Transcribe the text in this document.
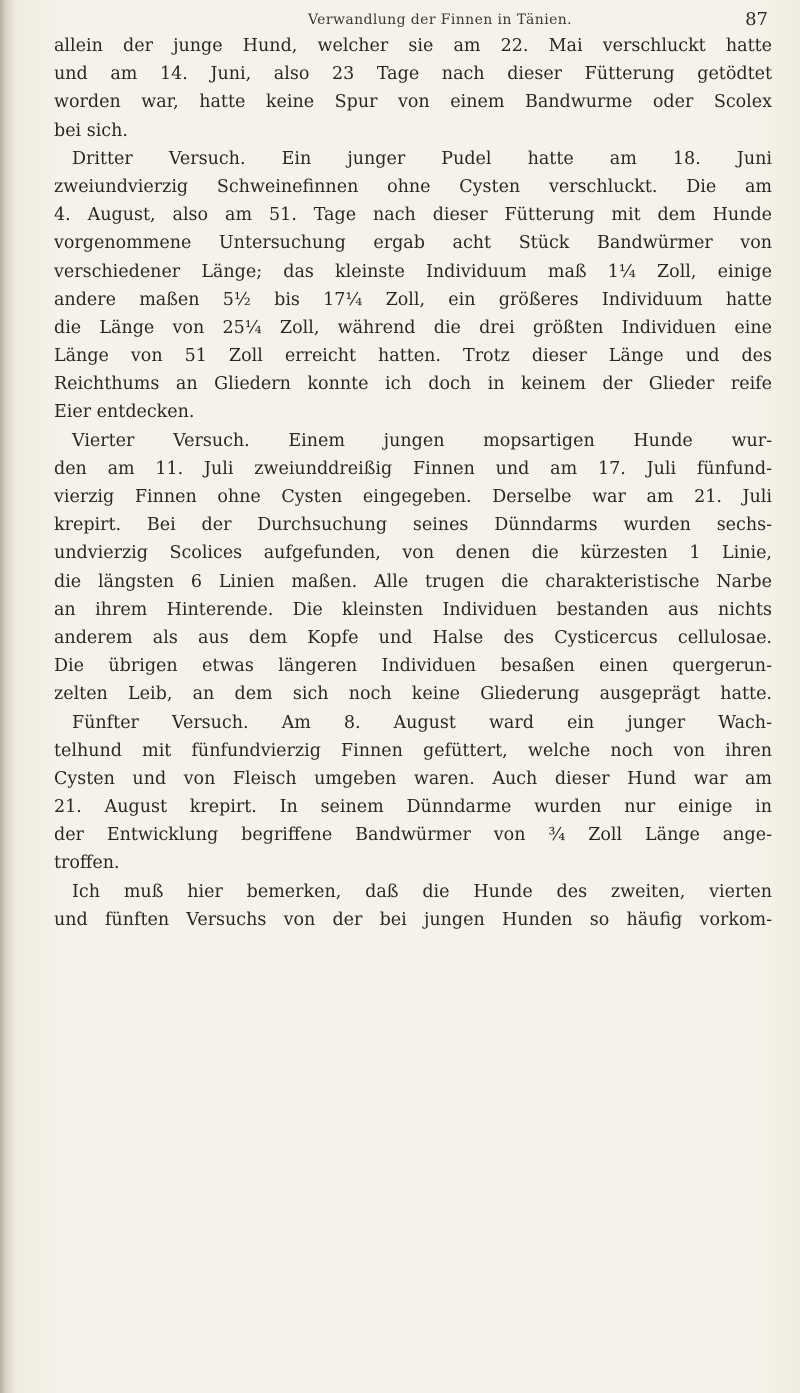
Verwandlung der Finnen in Tänien.	87
allein der junge Hund, welcher sie am 22. Mai verschluckt hatte
und am 14. Juni, also 23 Tage nach dieser Fütterung getödtet
worden war, hatte keine Spur von einem Bandwurme oder Scolex
bei sich.
Dritter Versuch. Ein junger Pudel hatte am 18. Juni
zweiundvierzig Schweinefinnen ohne Cysten verschluckt. Die am
4. August, also am 51. Tage nach dieser Fütterung mit dem Hunde
vorgenommene Untersuchung ergab acht Stück Bandwürmer von
verschiedener Länge; das kleinste Individuum maß 1¼ Zoll, einige
andere maßen 5½ bis 17¼ Zoll, ein größeres Individuum hatte
die Länge von 25¼ Zoll, während die drei größten Individuen eine
Länge von 51 Zoll erreicht hatten. Trotz dieser Länge und des
Reichthums an Gliedern konnte ich doch in keinem der Glieder reife
Eier entdecken.
Vierter Versuch. Einem jungen mopsartigen Hunde wur-
den am 11. Juli zweiunddreißig Finnen und am 17. Juli fünfund-
vierzig Finnen ohne Cysten eingegeben. Derselbe war am 21. Juli
krepirt. Bei der Durchsuchung seines Dünndarms wurden sechs-
undvierzig Scolices aufgefunden, von denen die kürzesten 1 Linie,
die längsten 6 Linien maßen. Alle trugen die charakteristische Narbe
an ihrem Hinterende. Die kleinsten Individuen bestanden aus nichts
anderem als aus dem Kopfe und Halse des Cysticercus cellulosae.
Die übrigen etwas längeren Individuen besaßen einen quergerun-
zelten Leib, an dem sich noch keine Gliederung ausgeprägt hatte.
Fünfter Versuch. Am 8. August ward ein junger Wach-
telhund mit fünfundvierzig Finnen gefüttert, welche noch von ihren
Cysten und von Fleisch umgeben waren. Auch dieser Hund war am
21. August krepirt. In seinem Dünndarme wurden nur einige in
der Entwicklung begriffene Bandwürmer von ¾ Zoll Länge ange-
troffen.
Ich muß hier bemerken, daß die Hunde des zweiten, vierten
und fünften Versuchs von der bei jungen Hunden so häufig vorkom-
